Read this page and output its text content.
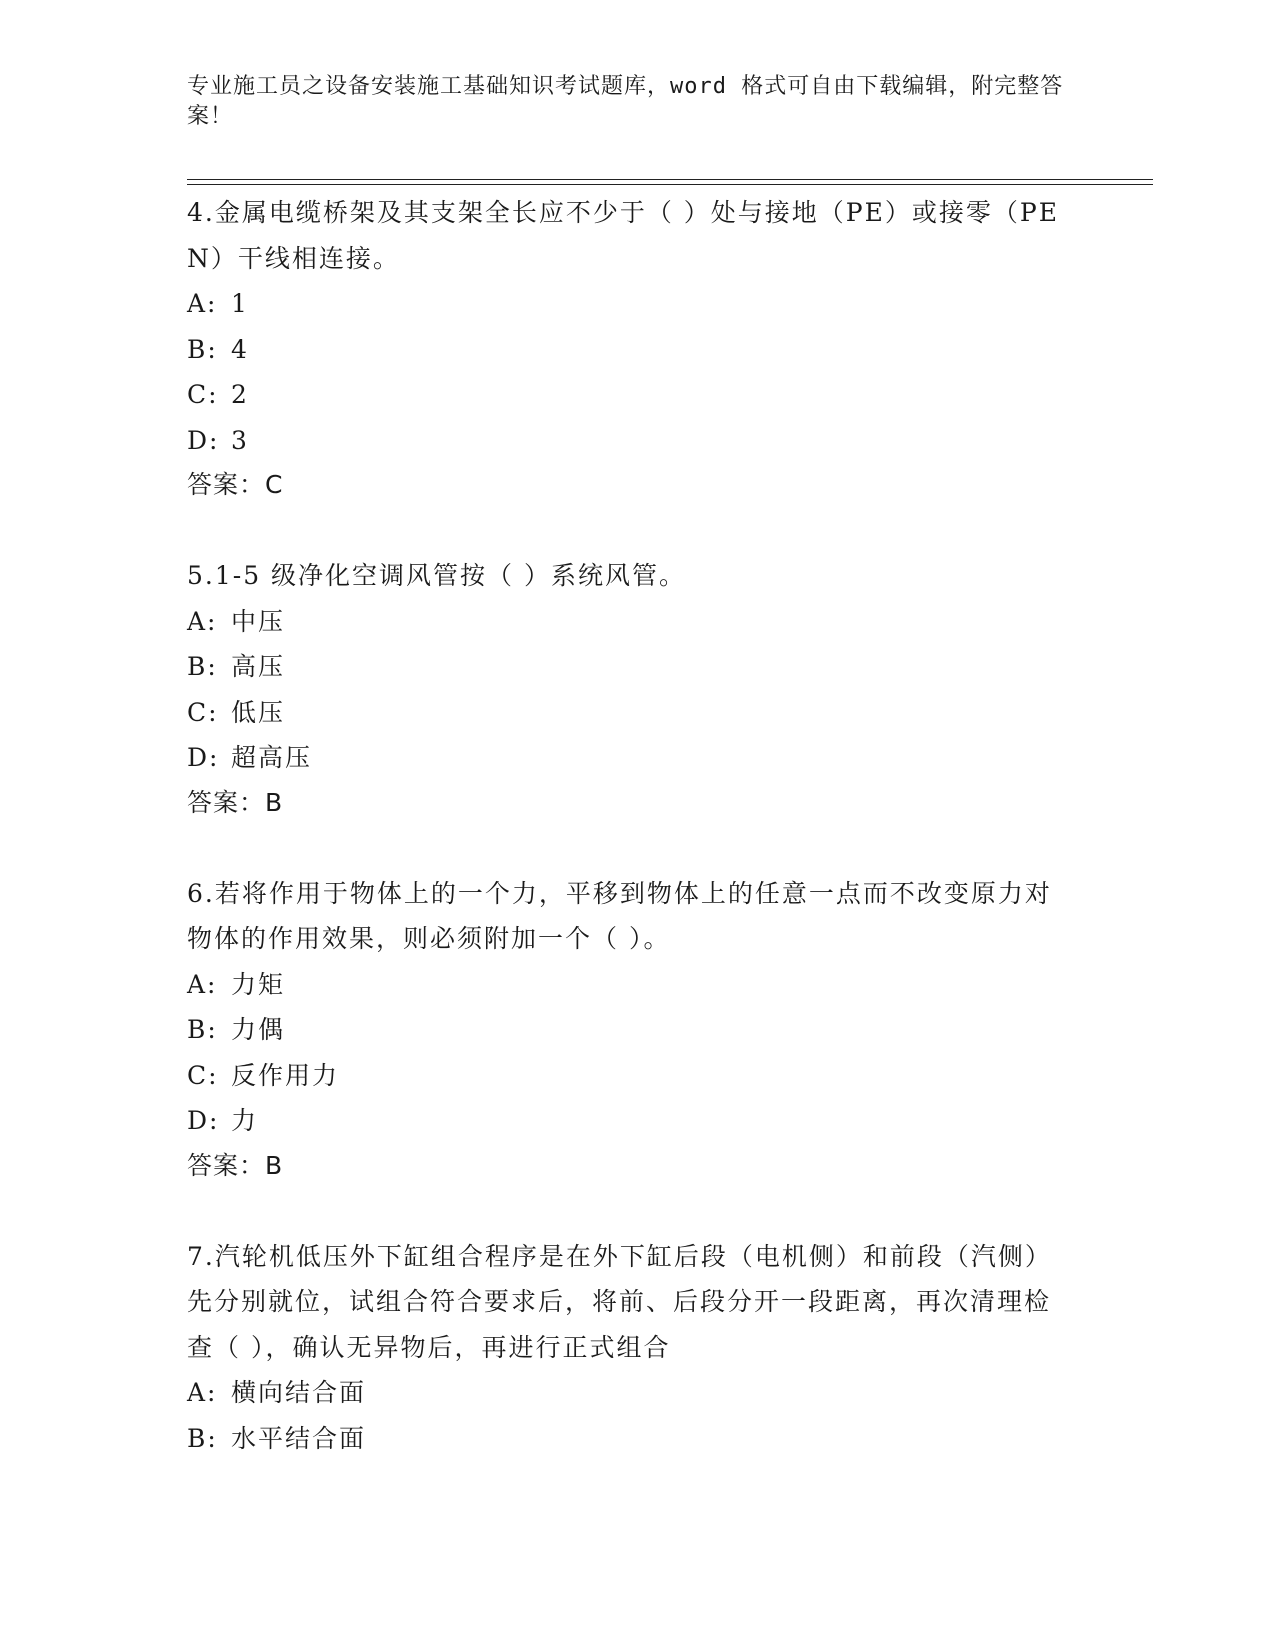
专业施工员之设备安装施工基础知识考试题库，word 格式可自由下载编辑，附完整答案！
4.金属电缆桥架及其支架全长应不少于（ ）处与接地（PE）或接零（PEN）干线相连接。
A: 1
B: 4
C: 2
D: 3
答案：C
5.1-5 级净化空调风管按（ ）系统风管。
A: 中压
B: 高压
C: 低压
D: 超高压
答案：B
6.若将作用于物体上的一个力，平移到物体上的任意一点而不改变原力对物体的作用效果，则必须附加一个（ ）。
A: 力矩
B: 力偶
C: 反作用力
D: 力
答案：B
7.汽轮机低压外下缸组合程序是在外下缸后段（电机侧）和前段（汽侧）先分别就位，试组合符合要求后，将前、后段分开一段距离，再次清理检查（ ），确认无异物后，再进行正式组合
A: 横向结合面
B: 水平结合面
